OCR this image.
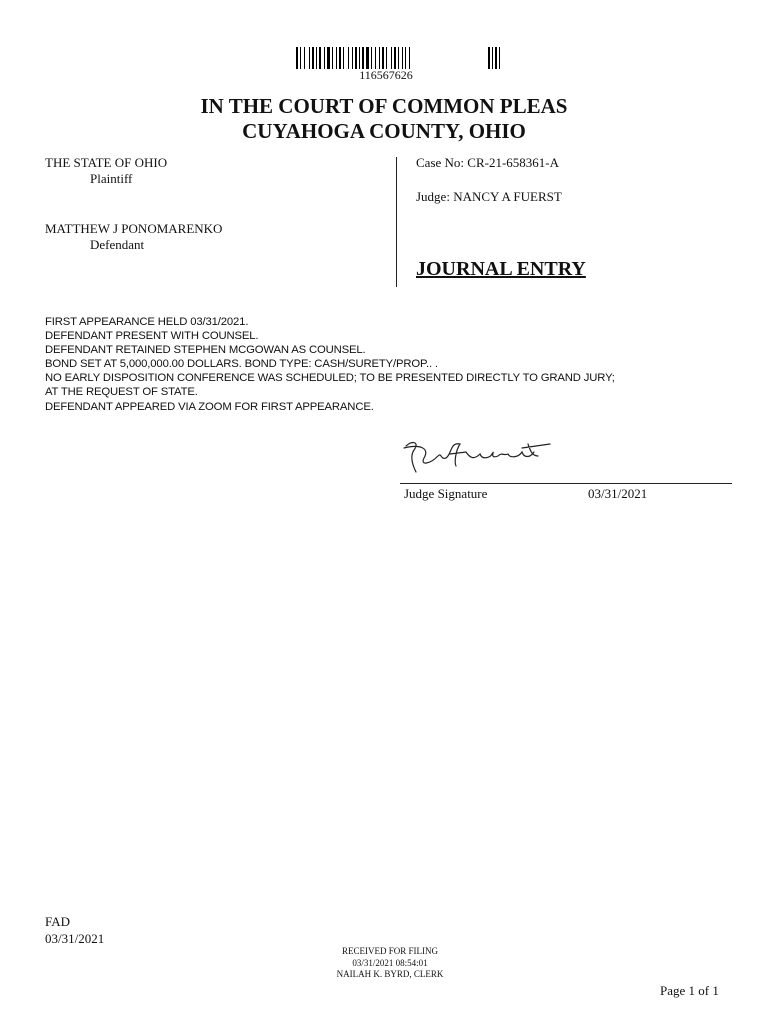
116567626
IN THE COURT OF COMMON PLEAS
CUYAHOGA COUNTY, OHIO
THE STATE OF OHIO
Plaintiff
MATTHEW J PONOMARENKO
Defendant
Case No: CR-21-658361-A
Judge: NANCY A FUERST
JOURNAL ENTRY
FIRST APPEARANCE HELD 03/31/2021.
DEFENDANT PRESENT WITH COUNSEL.
DEFENDANT RETAINED STEPHEN MCGOWAN AS COUNSEL.
BOND SET AT 5,000,000.00 DOLLARS. BOND TYPE: CASH/SURETY/PROP.. .
NO EARLY DISPOSITION CONFERENCE WAS SCHEDULED; TO BE PRESENTED DIRECTLY TO GRAND JURY;
AT THE REQUEST OF STATE.
DEFENDANT APPEARED VIA ZOOM FOR FIRST APPEARANCE.
Judge Signature	03/31/2021
FAD
03/31/2021
RECEIVED FOR FILING
03/31/2021 08:54:01
NAILAH K. BYRD, CLERK
Page 1 of 1
